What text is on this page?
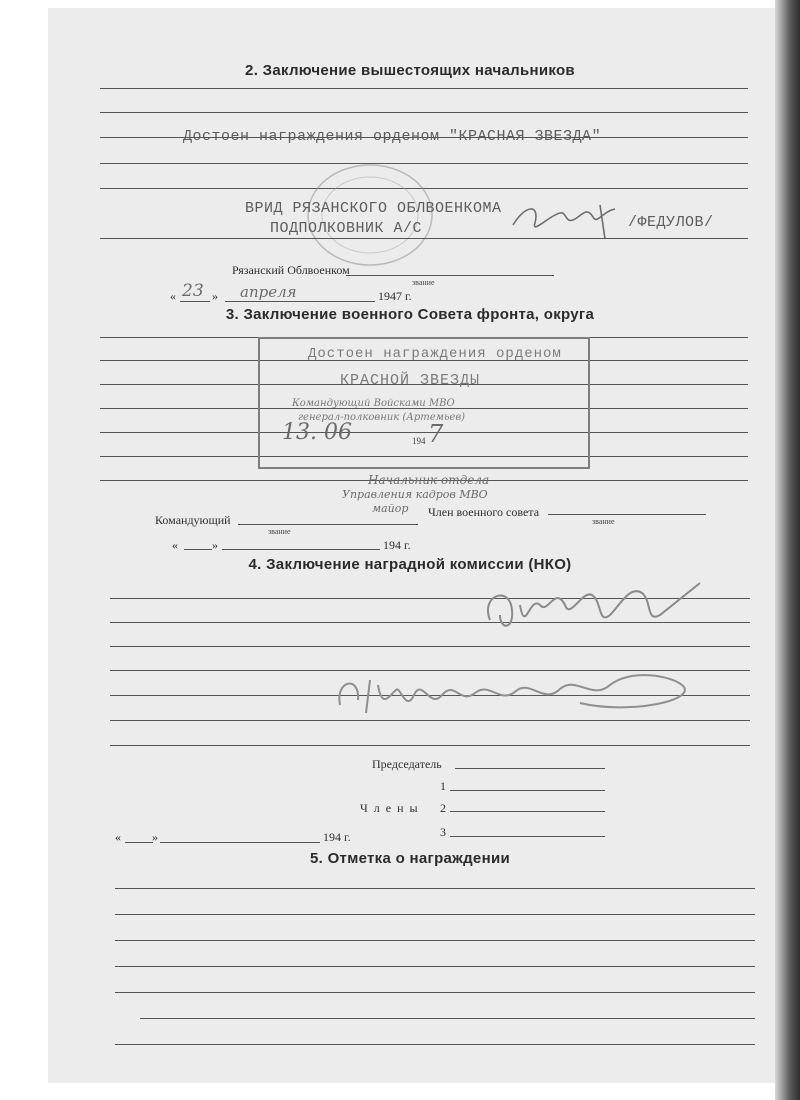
2. Заключение вышестоящих начальников
Достоен награждения орденом "КРАСНАЯ ЗВЕЗДА"
ВРИД РЯЗАНСКОГО ОБЛВОЕНКОМА
ПОДПОЛКОВНИК А/С	/ФЕДУЛОВ/
Рязанский Облвоенком
звание
« 23 » апреля	1947 г.
3. Заключение военного Совета фронта, округа
Достоен награждения орденом
КРАСНОЙ ЗВЕЗДЫ
Командующий Войсками МВО
генерал-полковник (Артемьев)
13. 06	194 7
Начальник отдела
Управления кадров МВО
майор
Командующий
Член военного совета
звание
звание
«	»	194 г.
4. Заключение наградной комиссии (НКО)
Председатель
1
Члены 2
3
«	»	194 г.
5. Отметка о награждении
